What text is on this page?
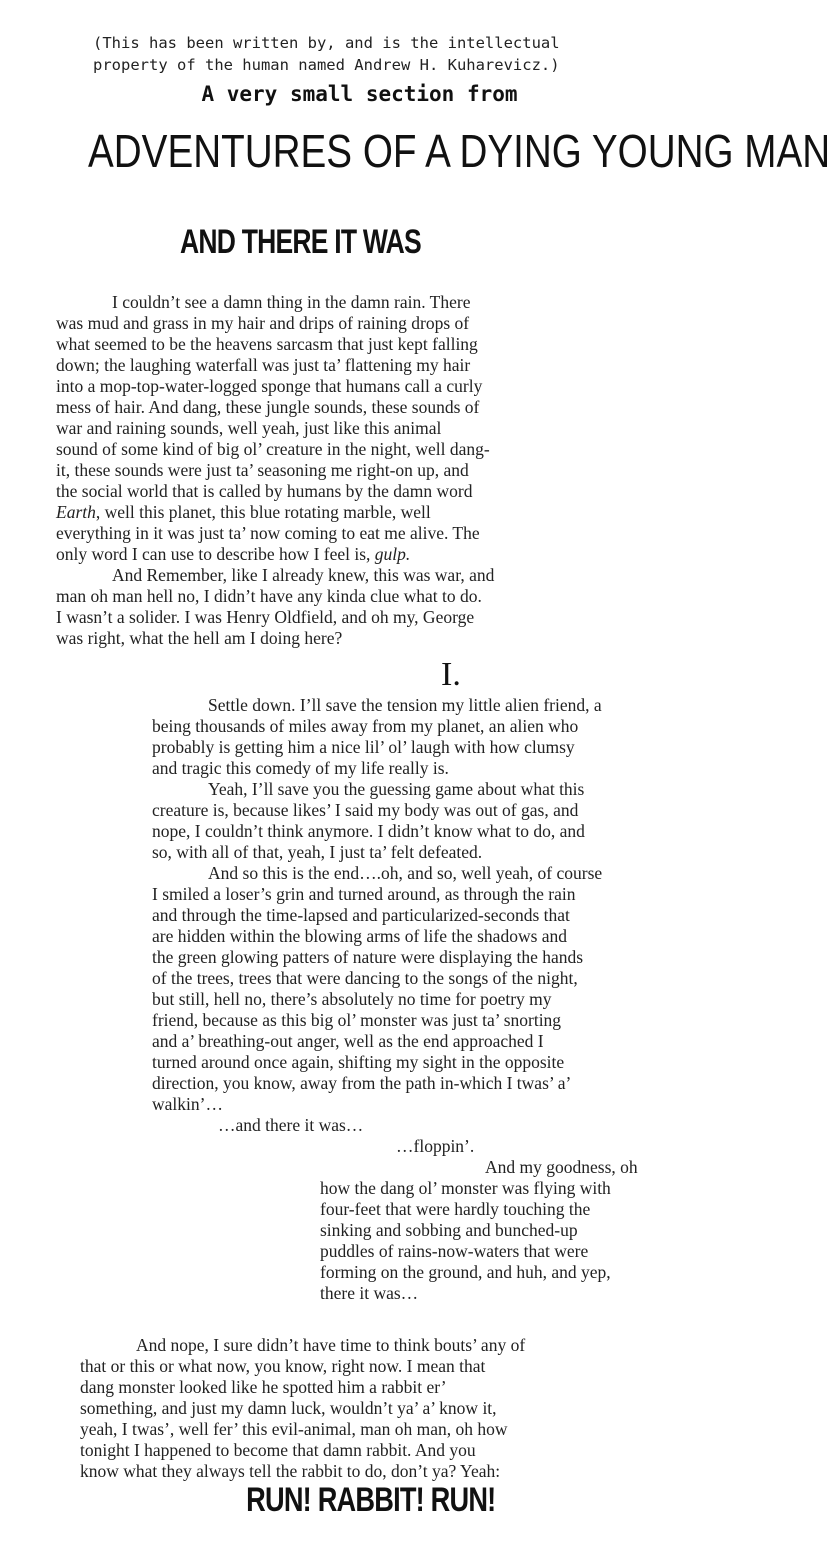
(This has been written by, and is the intellectual
property of the human named Andrew H. Kuharevicz.)
A very small section from
ADVENTURES OF A DYING YOUNG MAN
AND THERE IT WAS
I couldn’t see a damn thing in the damn rain. There
was mud and grass in my hair and drips of raining drops of
what seemed to be the heavens sarcasm that just kept falling
down; the laughing waterfall was just ta’ flattening my hair
into a mop-top-water-logged sponge that humans call a curly
mess of hair. And dang, these jungle sounds, these sounds of
war and raining sounds, well yeah, just like this animal
sound of some kind of big ol’ creature in the night, well dang-
it, these sounds were just ta’ seasoning me right-on up, and
the social world that is called by humans by the damn word
Earth, well this planet, this blue rotating marble, well
everything in it was just ta’ now coming to eat me alive. The
only word I can use to describe how I feel is, gulp.
And Remember, like I already knew, this was war, and
man oh man hell no, I didn’t have any kinda clue what to do.
I wasn’t a solider. I was Henry Oldfield, and oh my, George
was right, what the hell am I doing here?
I.
Settle down. I’ll save the tension my little alien friend, a
being thousands of miles away from my planet, an alien who
probably is getting him a nice lil’ ol’ laugh with how clumsy
and tragic this comedy of my life really is.
Yeah, I’ll save you the guessing game about what this
creature is, because likes’ I said my body was out of gas, and
nope, I couldn’t think anymore. I didn’t know what to do, and
so, with all of that, yeah, I just ta’ felt defeated.
And so this is the end….oh, and so, well yeah, of course
I smiled a loser’s grin and turned around, as through the rain
and through the time-lapsed and particularized-seconds that
are hidden within the blowing arms of life the shadows and
the green glowing patters of nature were displaying the hands
of the trees, trees that were dancing to the songs of the night,
but still, hell no, there’s absolutely no time for poetry my
friend, because as this big ol’ monster was just ta’ snorting
and a’ breathing-out anger, well as the end approached I
turned around once again, shifting my sight in the opposite
direction, you know, away from the path in-which I twas’ a’
walkin’…
…and there it was…
…floppin’.
And my goodness, oh
how the dang ol’ monster was flying with
four-feet that were hardly touching the
sinking and sobbing and bunched-up
puddles of rains-now-waters that were
forming on the ground, and huh, and yep,
there it was…
And nope, I sure didn’t have time to think bouts’ any of
that or this or what now, you know, right now. I mean that
dang monster looked like he spotted him a rabbit er’
something, and just my damn luck, wouldn’t ya’ a’ know it,
yeah, I twas’, well fer’ this evil-animal, man oh man, oh how
tonight I happened to become that damn rabbit. And you
know what they always tell the rabbit to do, don’t ya? Yeah:
RUN! RABBIT! RUN!
